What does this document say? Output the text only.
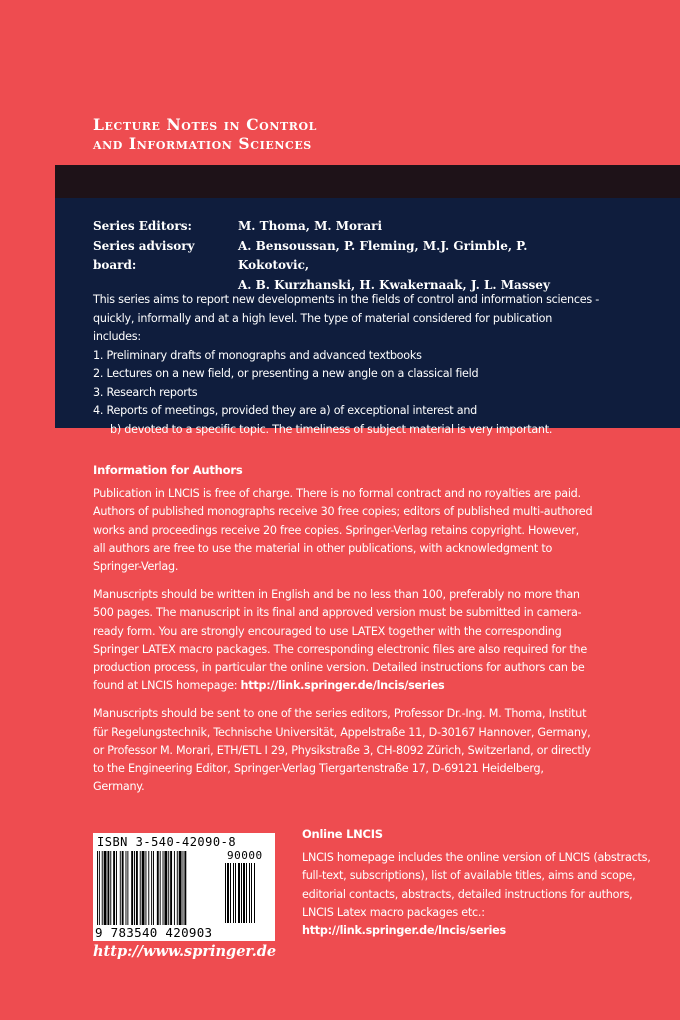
Lecture Notes in Control
and Information Sciences
Series Editors:	M. Thoma, M. Morari
Series advisory board:
A. Bensoussan, P. Fleming, M.J. Grimble, P. Kokotovic,
A. B. Kurzhanski, H. Kwakernaak, J. L. Massey
This series aims to report new developments in the fields of control and information sciences -
quickly, informally and at a high level. The type of material considered for publication includes:
1. Preliminary drafts of monographs and advanced textbooks
2. Lectures on a new field, or presenting a new angle on a classical field
3. Research reports
4. Reports of meetings, provided they are a) of exceptional interest and
b) devoted to a specific topic. The timeliness of subject material is very important.
Information for Authors

Publication in LNCIS is free of charge. There is no formal contract and no royalties are paid. Authors of published monographs receive 30 free copies; editors of published multi-authored works and proceedings receive 20 free copies. Springer-Verlag retains copyright. However, all authors are free to use the material in other publications, with acknowledgment to Springer-Verlag.

Manuscripts should be written in English and be no less than 100, preferably no more than 500 pages. The manuscript in its final and approved version must be submitted in camera-ready form. You are strongly encouraged to use LATEX together with the corresponding Springer LATEX macro packages. The corresponding electronic files are also required for the production process, in particular the online version. Detailed instructions for authors can be found at LNCIS homepage: http://link.springer.de/lncis/series

Manuscripts should be sent to one of the series editors, Professor Dr.-Ing. M. Thoma, Institut für Regelungstechnik, Technische Universität, Appelstraße 11, D-30167 Hannover, Germany, or Professor M. Morari, ETH/ETL I 29, Physikstraße 3, CH-8092 Zürich, Switzerland, or directly to the Engineering Editor, Springer-Verlag Tiergartenstraße 17, D-69121 Heidelberg, Germany.

ISBN 3-540-42090-8
90000
9 783540 420903
http://www.springer.de
Online LNCIS
LNCIS homepage includes the online version of LNCIS (abstracts, full-text, subscriptions), list of available titles, aims and scope, editorial contacts, abstracts, detailed instructions for authors, LNCIS Latex macro packages etc.:
http://link.springer.de/lncis/series
